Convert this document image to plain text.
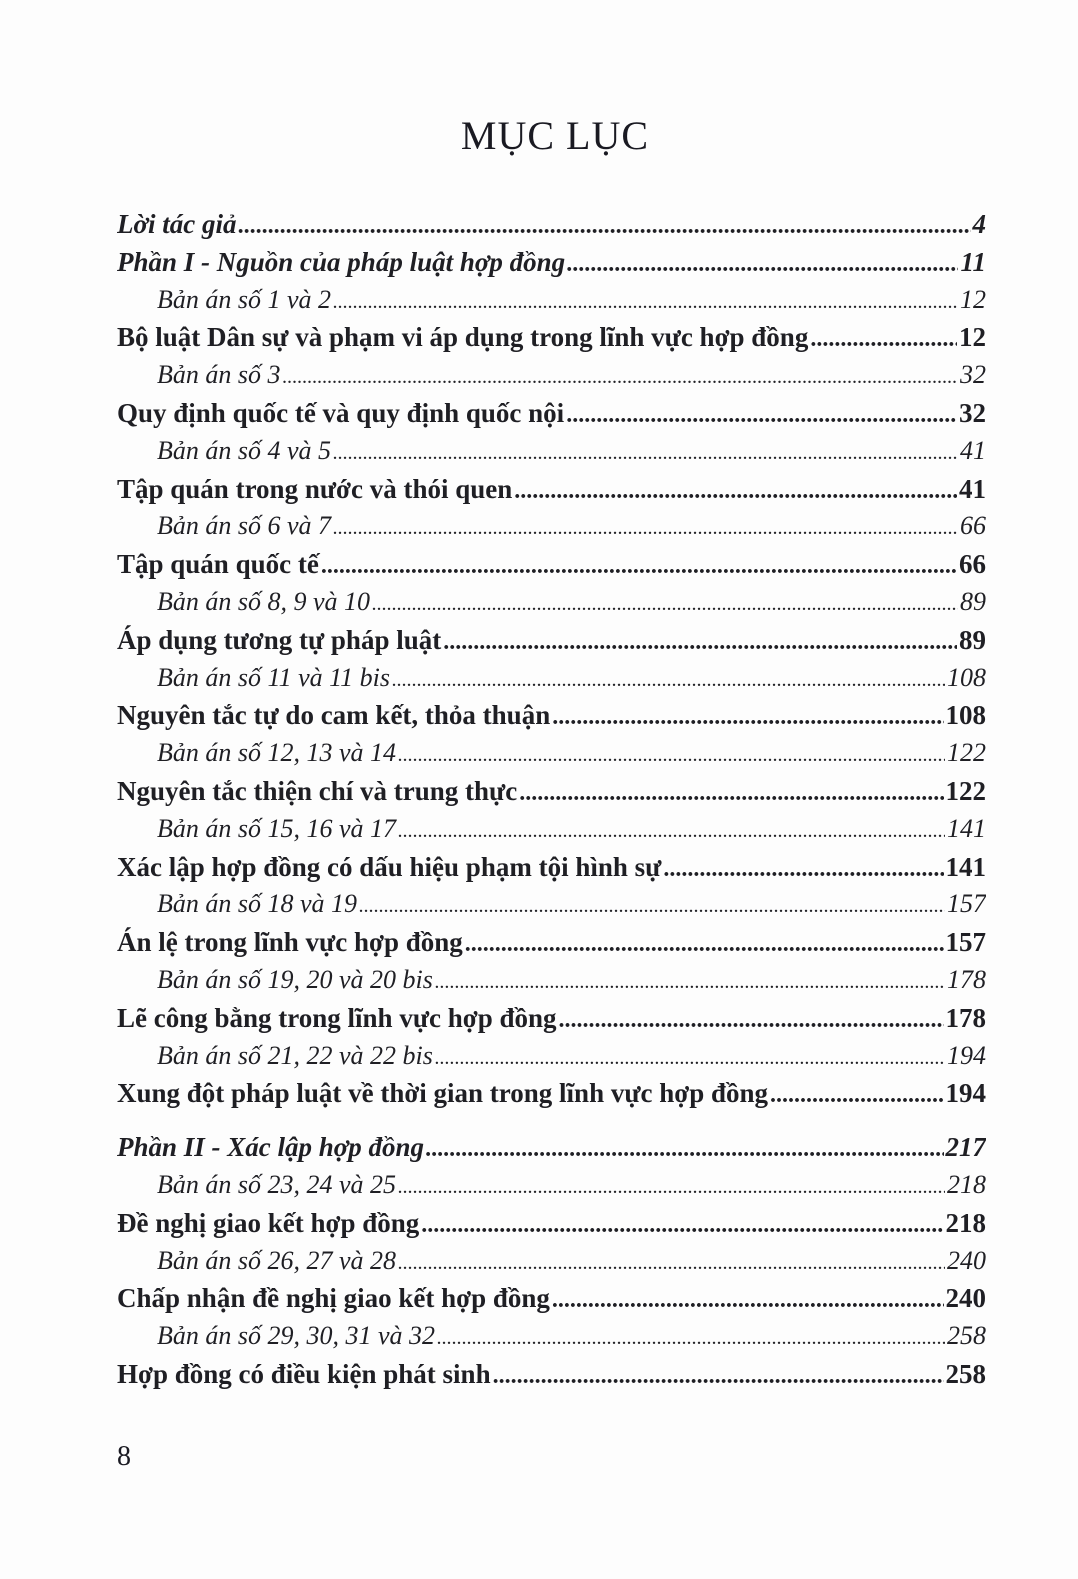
MỤC LỤC
Lời tác giả .....	4
Phần I - Nguồn của pháp luật hợp đồng .....	11
Bản án số 1 và 2 .....	12
Bộ luật Dân sự và phạm vi áp dụng trong lĩnh vực hợp đồng .....	12
Bản án số 3 .....	32
Quy định quốc tế và quy định quốc nội .....	32
Bản án số 4 và 5 .....	41
Tập quán trong nước và thói quen .....	41
Bản án số 6 và 7 .....	66
Tập quán quốc tế .....	66
Bản án số 8, 9 và 10 .....	89
Áp dụng tương tự pháp luật .....	89
Bản án số 11 và 11 bis .....	108
Nguyên tắc tự do cam kết, thỏa thuận .....	108
Bản án số 12, 13 và 14 .....	122
Nguyên tắc thiện chí và trung thực .....	122
Bản án số 15, 16 và 17 .....	141
Xác lập hợp đồng có dấu hiệu phạm tội hình sự .....	141
Bản án số 18 và 19 .....	157
Án lệ trong lĩnh vực hợp đồng .....	157
Bản án số 19, 20 và 20 bis .....	178
Lẽ công bằng trong lĩnh vực hợp đồng .....	178
Bản án số 21, 22 và 22 bis .....	194
Xung đột pháp luật về thời gian trong lĩnh vực hợp đồng .....	194
Phần II - Xác lập hợp đồng .....	217
Bản án số 23, 24 và 25 .....	218
Đề nghị giao kết hợp đồng .....	218
Bản án số 26, 27 và 28 .....	240
Chấp nhận đề nghị giao kết hợp đồng .....	240
Bản án số 29, 30, 31 và 32 .....	258
Hợp đồng có điều kiện phát sinh .....	258
8
